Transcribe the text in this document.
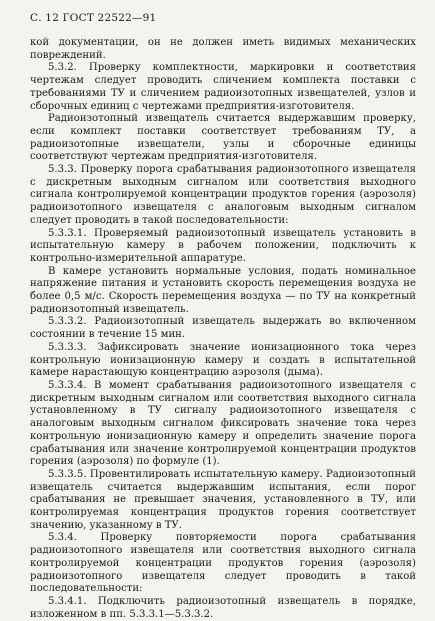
С. 12 ГОСТ 22522—91

кой документации, он не должен иметь видимых механических повреждений.

5.3.2. Проверку комплектности, маркировки и соответствия чертежам следует проводить сличением комплекта поставки с требованиями ТУ и сличением радиоизотопных извещателей, узлов и сборочных единиц с чертежами предприятия-изготовителя.

Радиоизотопный извещатель считается выдержавшим проверку, если комплект поставки соответствует требованиям ТУ, а радиоизотопные извещатели, узлы и сборочные единицы соответствуют чертежам предприятия-изготовителя.

5.3.3. Проверку порога срабатывания радиоизотопного извещателя с дискретным выходным сигналом или соответствия выходного сигнала контролируемой концентрации продуктов горения (аэрозоля) радиоизотопного извещателя с аналоговым выходным сигналом следует проводить в такой последовательности:

5.3.3.1. Проверяемый радиоизотопный извещатель установить в испытательную камеру в рабочем положении, подключить к контрольно-измерительной аппаратуре.

В камере установить нормальные условия, подать номинальное напряжение питания и установить скорость перемещения воздуха не более 0,5 м/с. Скорость перемещения воздуха — по ТУ на конкретный радиоизотопный извещатель.

5.3.3.2. Радиоизотопный извещатель выдержать во включенном состоянии в течение 15 мин.

5.3.3.3. Зафиксировать значение ионизационного тока через контрольную ионизационную камеру и создать в испытательной камере нарастающую концентрацию аэрозоля (дыма).

5.3.3.4. В момент срабатывания радиоизотопного извещателя с дискретным выходным сигналом или соответствия выходного сигнала установленному в ТУ сигналу радиоизотопного извещателя с аналоговым выходным сигналом фиксировать значение тока через контрольную ионизационную камеру и определить значение порога срабатывания или значение контролируемой концентрации продуктов горения (аэрозоля) по формуле (1).

5.3.3.5. Провентилировать испытательную камеру. Радиоизотопный извещатель считается выдержавшим испытания, если порог срабатывания не превышает значения, установленного в ТУ, или контролируемая концентрация продуктов горения соответствует значению, указанному в ТУ.

5.3.4. Проверку повторяемости порога срабатывания радиоизотопного извещателя или соответствия выходного сигнала контролируемой концентрации продуктов горения (аэрозоля) радиоизотопного извещателя следует проводить в такой последовательности:

5.3.4.1. Подключить радиоизотопный извещатель в порядке, изложенном в пп. 5.3.3.1—5.3.3.2.
